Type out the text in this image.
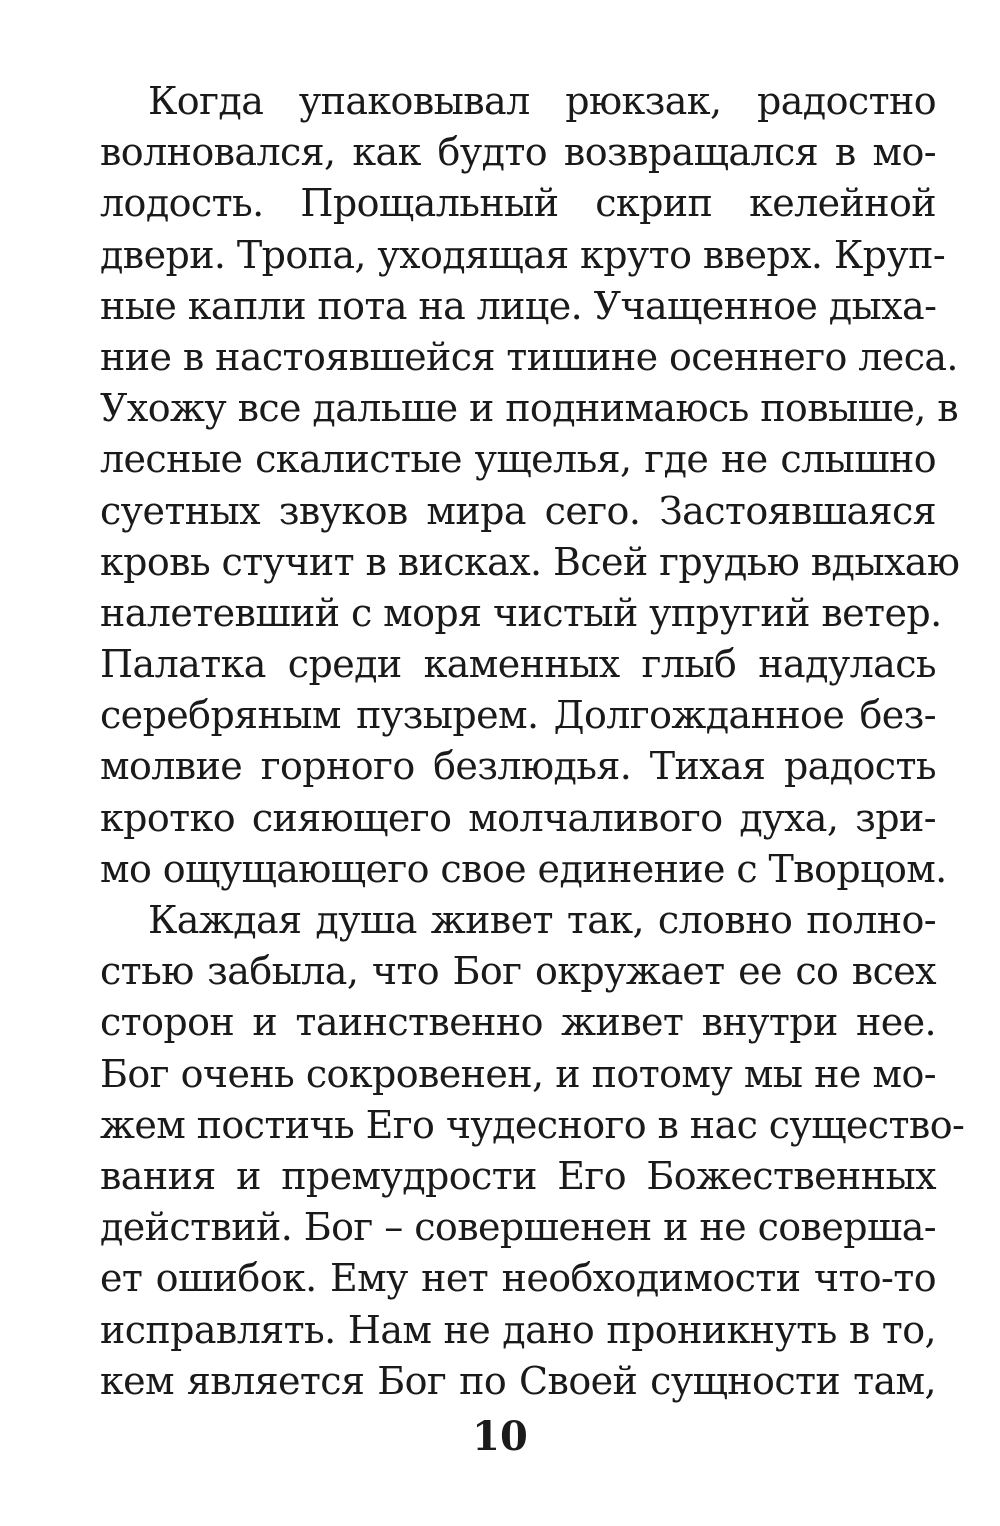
Когда упаковывал рюкзак, радостно
волновался, как будто возвращался в мо-
лодость. Прощальный скрип келейной
двери. Тропа, уходящая круто вверх. Круп-
ные капли пота на лице. Учащенное дыха-
ние в настоявшейся тишине осеннего леса.
Ухожу все дальше и поднимаюсь повыше, в
лесные скалистые ущелья, где не слышно
суетных звуков мира сего. Застоявшаяся
кровь стучит в висках. Всей грудью вдыхаю
налетевший с моря чистый упругий ветер.
Палатка среди каменных глыб надулась
серебряным пузырем. Долгожданное без-
молвие горного безлюдья. Тихая радость
кротко сияющего молчаливого духа, зри-
мо ощущающего свое единение с Творцом.
Каждая душа живет так, словно полно-
стью забыла, что Бог окружает ее со всех
сторон и таинственно живет внутри нее.
Бог очень сокровенен, и потому мы не мо-
жем постичь Его чудесного в нас существо-
вания и премудрости Его Божественных
действий. Бог – совершенен и не соверша-
ет ошибок. Ему нет необходимости что-то
исправлять. Нам не дано проникнуть в то,
кем является Бог по Своей сущности там,
10
